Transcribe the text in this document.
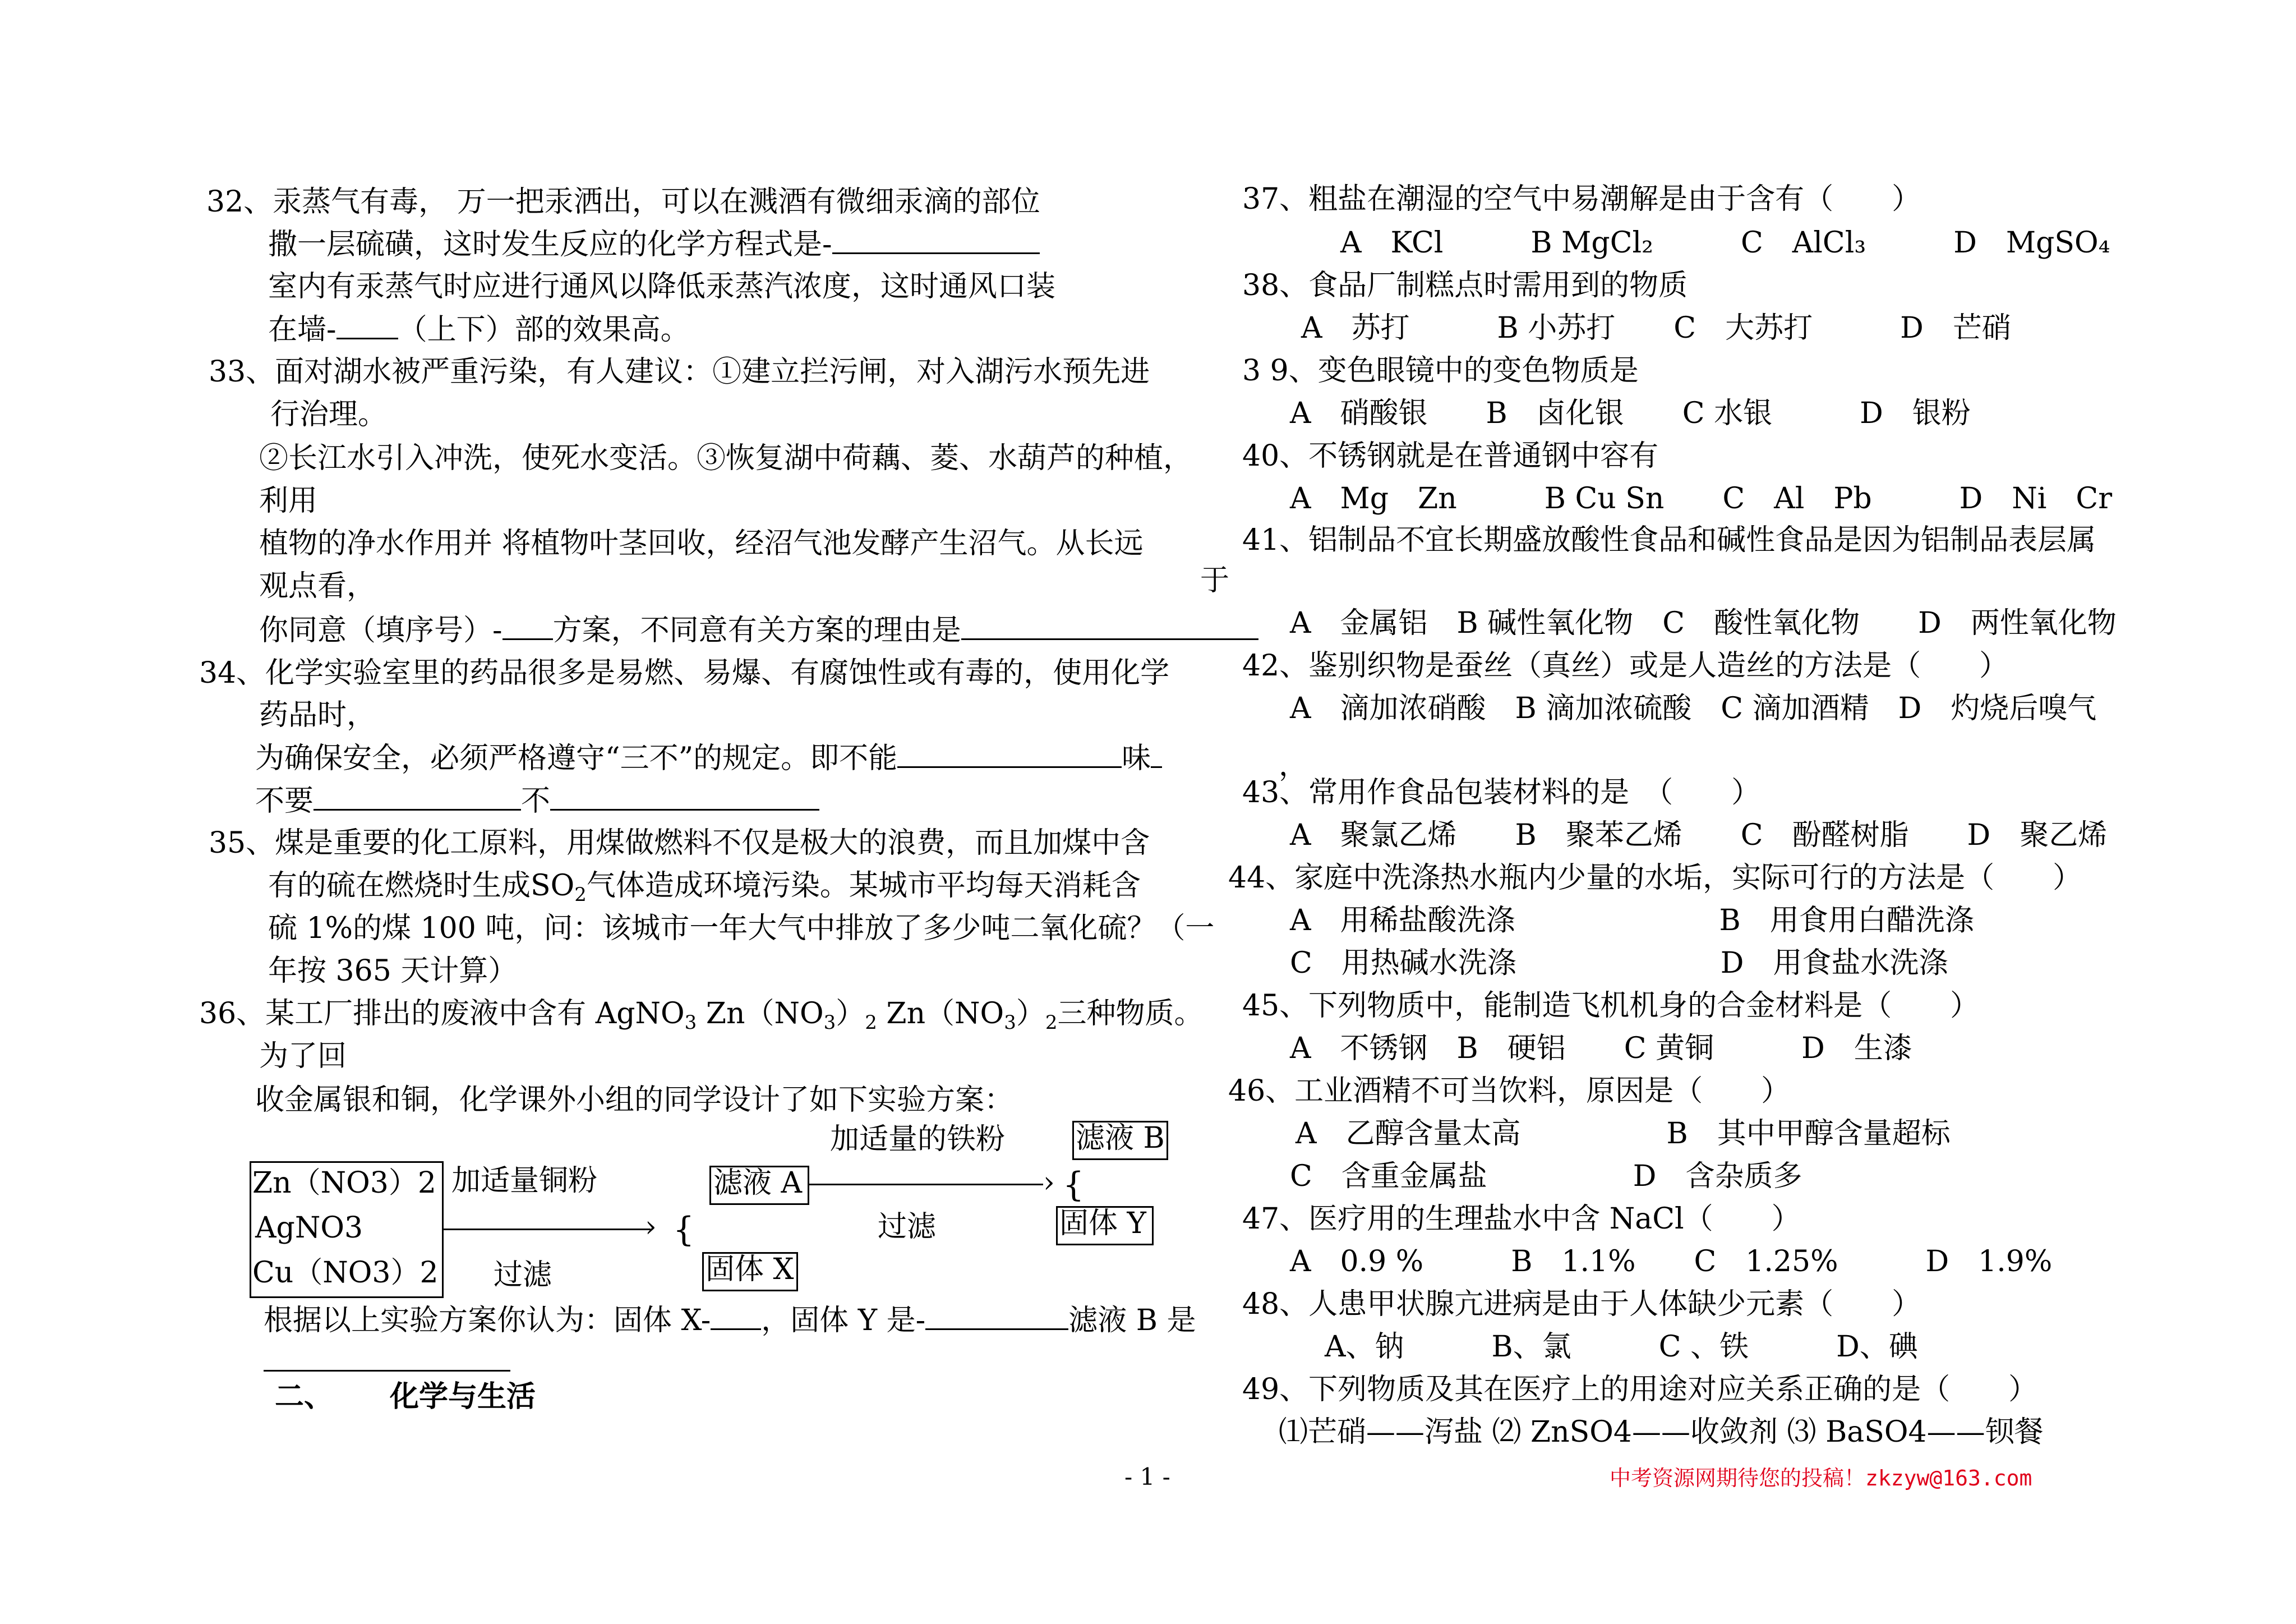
32、汞蒸气有毒， 万一把汞洒出，可以在溅酒有微细汞滴的部位
撒一层硫磺，这时发生反应的化学方程式是-
室内有汞蒸气时应进行通风以降低汞蒸汽浓度，这时通风口装
在墙- （上下）部的效果高。
33、面对湖水被严重污染，有人建议：①建立拦污闸，对入湖污水预先进
行治理。
②长江水引入冲洗，使死水变活。③恢复湖中荷藕、菱、水葫芦的种植，
利用
植物的净水作用并 将植物叶茎回收，经沼气池发酵产生沼气。从长远
观点看，	于
你同意（填序号）- 方案，不同意有关方案的理由是
34、化学实验室里的药品很多是易燃、易爆、有腐蚀性或有毒的，使用化学
药品时，
为确保安全，必须严格遵守“三不”的规定。即不能	味	，
不要	不
35、煤是重要的化工原料，用煤做燃料不仅是极大的浪费，而且加煤中含
有的硫在燃烧时生成$SO_2$气体造成环境污染。某城市平均每天消耗含
硫 1%的煤 100 吨，问：该城市一年大气中排放了多少吨二氧化硫？（一
年按 365 天计算）
36、某工厂排出的废液中含有 AgNO$_3$ $Zn(NO_3)_2$ $Zn(NO_3)_2$三种物质。
为了回
收金属银和铜，化学课外小组的同学设计了如下实验方案：
Zn（NO3）2
AgNO3
Cu（NO3）2
加适量铜粉
› {
过滤
滤液 A
固体 X
加适量的铁粉
› {
过滤
滤液 B
固体 Y
根据以上实验方案你认为：固体 X- ，固体 Y 是-	滤液 B 是
二、 化学与生活
37、粗盐在潮湿的空气中易潮解是由于含有（　　）
A　KCl　　　B MgCl₂　　　C　AlCl₃　　　D　MgSO₄
38、食品厂制糕点时需用到的物质
A　苏打　　　B 小苏打　　C　大苏打　　　D　芒硝
3 9、变色眼镜中的变色物质是
A　硝酸银　　B　卤化银　　C 水银　　　D　银粉
40、不锈钢就是在普通钢中容有
A　Mg　Zn　　　B Cu Sn　　C　Al　Pb　　　D　Ni　Cr
41、铝制品不宜长期盛放酸性食品和碱性食品是因为铝制品表层属
A　金属铝　B 碱性氧化物　C　酸性氧化物　　D　两性氧化物
42、鉴别织物是蚕丝（真丝）或是人造丝的方法是（　　）
A　滴加浓硝酸　B 滴加浓硫酸　C 滴加酒精　D　灼烧后嗅气
43、常用作食品包装材料的是　（　　）
A　聚氯乙烯　　B　聚苯乙烯　　C　酚醛树脂　　D　聚乙烯
44、家庭中洗涤热水瓶内少量的水垢，实际可行的方法是（　　）
A　用稀盐酸洗涤　　　　　　　B　用食用白醋洗涤
C　用热碱水洗涤　　　　　　　D　用食盐水洗涤
45、下列物质中，能制造飞机机身的合金材料是（　　）
A　不锈钢　B　硬铝　　C 黄铜　　　D　生漆
46、工业酒精不可当饮料，原因是（　　）
A　乙醇含量太高　　　　　B　其中甲醇含量超标
C　含重金属盐　　　　　D　含杂质多
47、医疗用的生理盐水中含 NaCl（　　）
A　0.9 %　　　B　1.1%　　C　1.25%　　　D　1.9%
48、人患甲状腺亢进病是由于人体缺少元素（　　）
　A、钠　　　B、氯　　　C 、铁　　　D、碘
49、下列物质及其在医疗上的用途对应关系正确的是（　　）
⑴芒硝——泻盐 ⑵ ZnSO4——收敛剂 ⑶ BaSO4——钡餐
- 1 -	中考资源网期待您的投稿！zkzyw@163.com
